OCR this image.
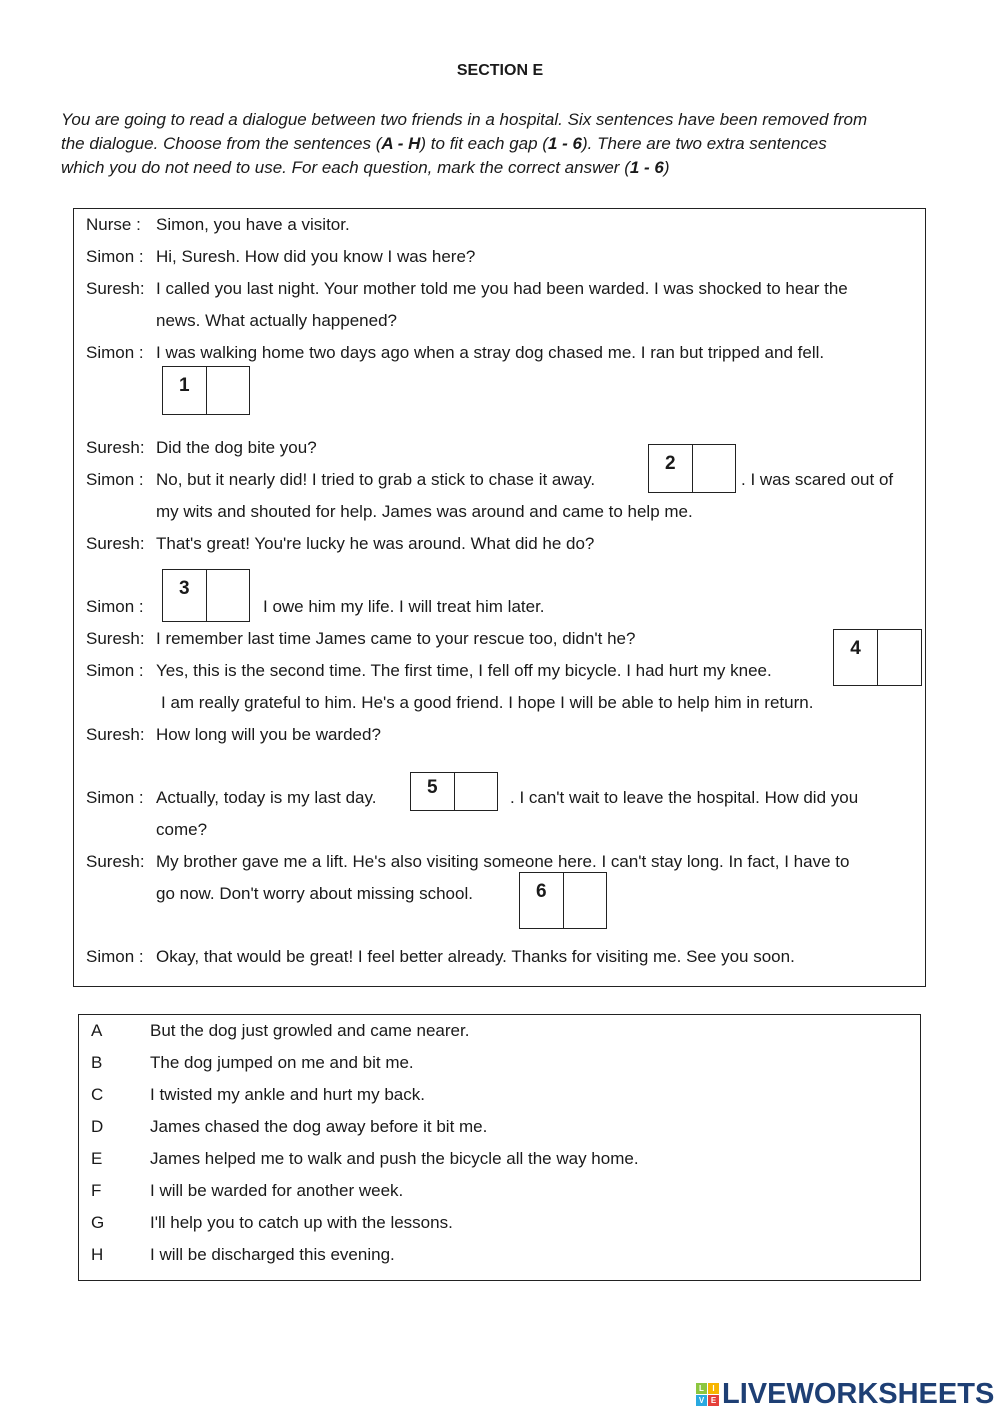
SECTION E
You are going to read a dialogue between two friends in a hospital. Six sentences have been removed from
the dialogue. Choose from the sentences (A - H) to fit each gap (1 - 6). There are two extra sentences
which you do not need to use. For each question, mark the correct answer (1 - 6)
Nurse : Simon, you have a visitor.
Simon : Hi, Suresh. How did you know I was here?
Suresh: I called you last night. Your mother told me you had been warded. I was shocked to hear the
news. What actually happened?
Simon : I was walking home two days ago when a stray dog chased me. I ran but tripped and fell.
1
Suresh: Did the dog bite you?
Simon : No, but it nearly did! I tried to grab a stick to chase it away.
2
. I was scared out of
my wits and shouted for help. James was around and came to help me.
Suresh: That's great! You're lucky he was around. What did he do?
Simon :
3
I owe him my life. I will treat him later.
Suresh: I remember last time James came to your rescue too, didn't he?
Simon : Yes, this is the second time. The first time, I fell off my bicycle. I had hurt my knee.
4
I am really grateful to him. He's a good friend. I hope I will be able to help him in return.
Suresh: How long will you be warded?
Simon : Actually, today is my last day.	5	. I can't wait to leave the hospital. How did you
come?
Suresh: My brother gave me a lift. He's also visiting someone here. I can't stay long. In fact, I have to
go now. Don't worry about missing school.	6
Simon : Okay, that would be great! I feel better already. Thanks for visiting me. See you soon.
A	But the dog just growled and came nearer.
B	The dog jumped on me and bit me.
C	I twisted my ankle and hurt my back.
D	James chased the dog away before it bit me.
E	James helped me to walk and push the bicycle all the way home.
F	I will be warded for another week.
G	I'll help you to catch up with the lessons.
H	I will be discharged this evening.
L	I
V E LIVEWORKSHEETS
